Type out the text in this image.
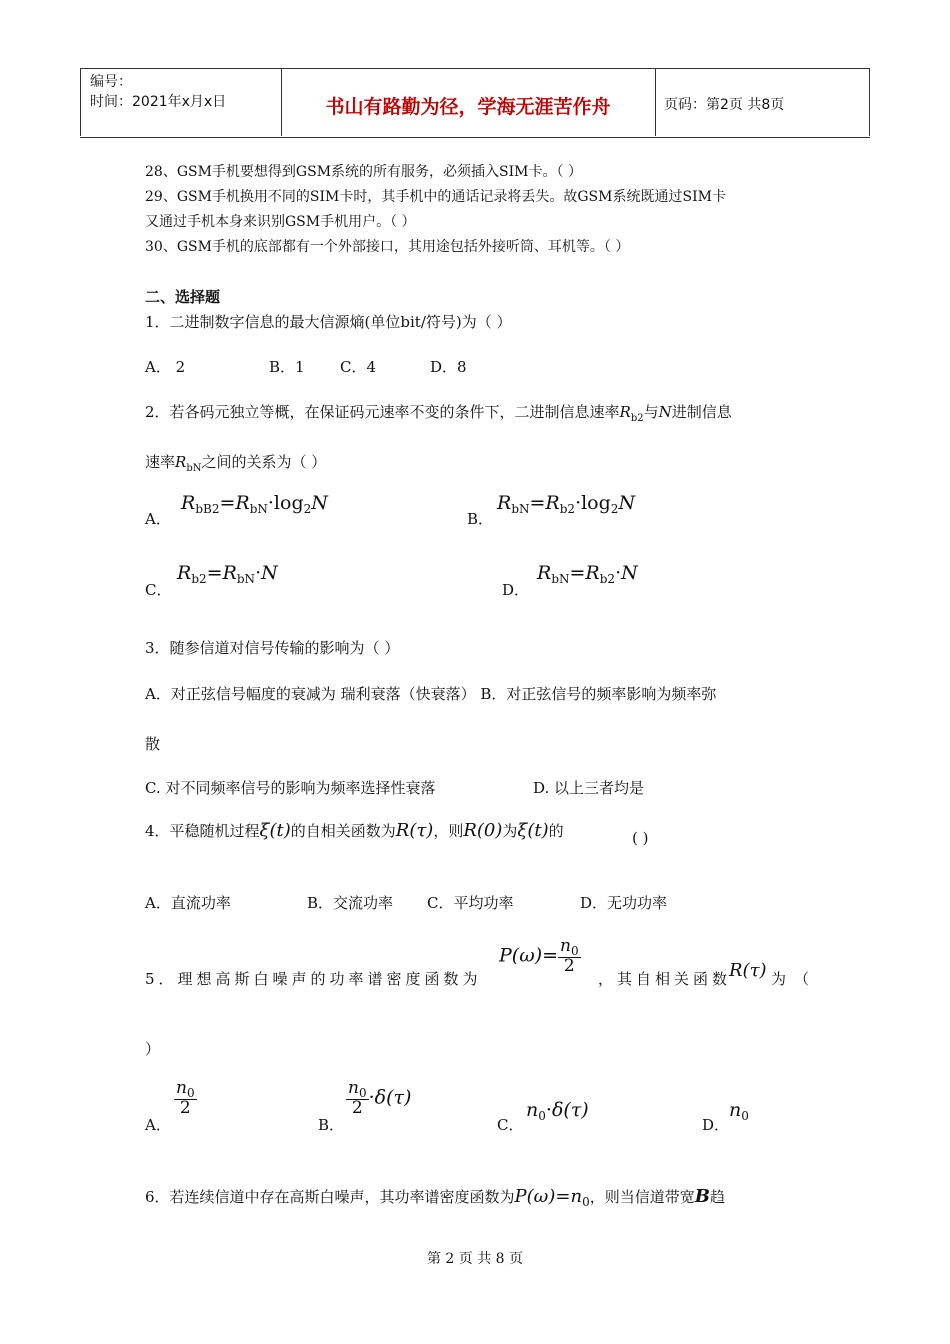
编号：
时间：2021年x月x日	书山有路勤为径，学海无涯苦作舟	页码：第2页 共8页
28、GSM手机要想得到GSM系统的所有服务，必须插入SIM卡。（ ）
29、GSM手机换用不同的SIM卡时，其手机中的通话记录将丢失。故GSM系统既通过SIM卡
又通过手机本身来识别GSM手机用户。（ ）
30、GSM手机的底部都有一个外部接口，其用途包括外接听筒、耳机等。（ ）
二、选择题
1．二进制数字信息的最大信源熵(单位bit/符号)为（ ）
A． 2	B．1 C．4	D．8
2．若各码元独立等概，在保证码元速率不变的条件下，二进制信息速率$R_{b2}$与N进制信息
速率$R_{bN}$之间的关系为（ ）
A．
$R_{bB2}=R_{bN}\cdot\log_2N$
B．
$R_{bN}=R_{b2}\cdot\log_2N$
C．
$R_{b2}=R_{bN}\cdot N$
D．
$R_{bN}=R_{b2}\cdot N$
3．随参信道对信号传输的影响为（ ）
A．对正弦信号幅度的衰减为 瑞利衰落（快衰落） B．对正弦信号的频率影响为频率弥
散
C. 对不同频率信号的影响为频率选择性衰落	D. 以上三者均是
4．平稳随机过程ξ(t)的自相关函数为R(τ)，则R(0)为ξ(t)的	( )
A．直流功率	B．交流功率 C．平均功率	D．无功功率
5．理想高斯白噪声的功率谱密度函数为
$P(\omega)= \frac{n_0}{2}$
，其自相关函数
R(τ) 为（
）
A．
$\frac{n_0}{2}$
B．
$\frac{n_0}{2} \cdot\delta(\tau)$
C．
$n_0\cdot\delta(\tau)$
D．
$n_0$
6．若连续信道中存在高斯白噪声，其功率谱密度函数为$P(\omega)=n_0$，则当信道带宽B趋
第 2 页 共 8 页
